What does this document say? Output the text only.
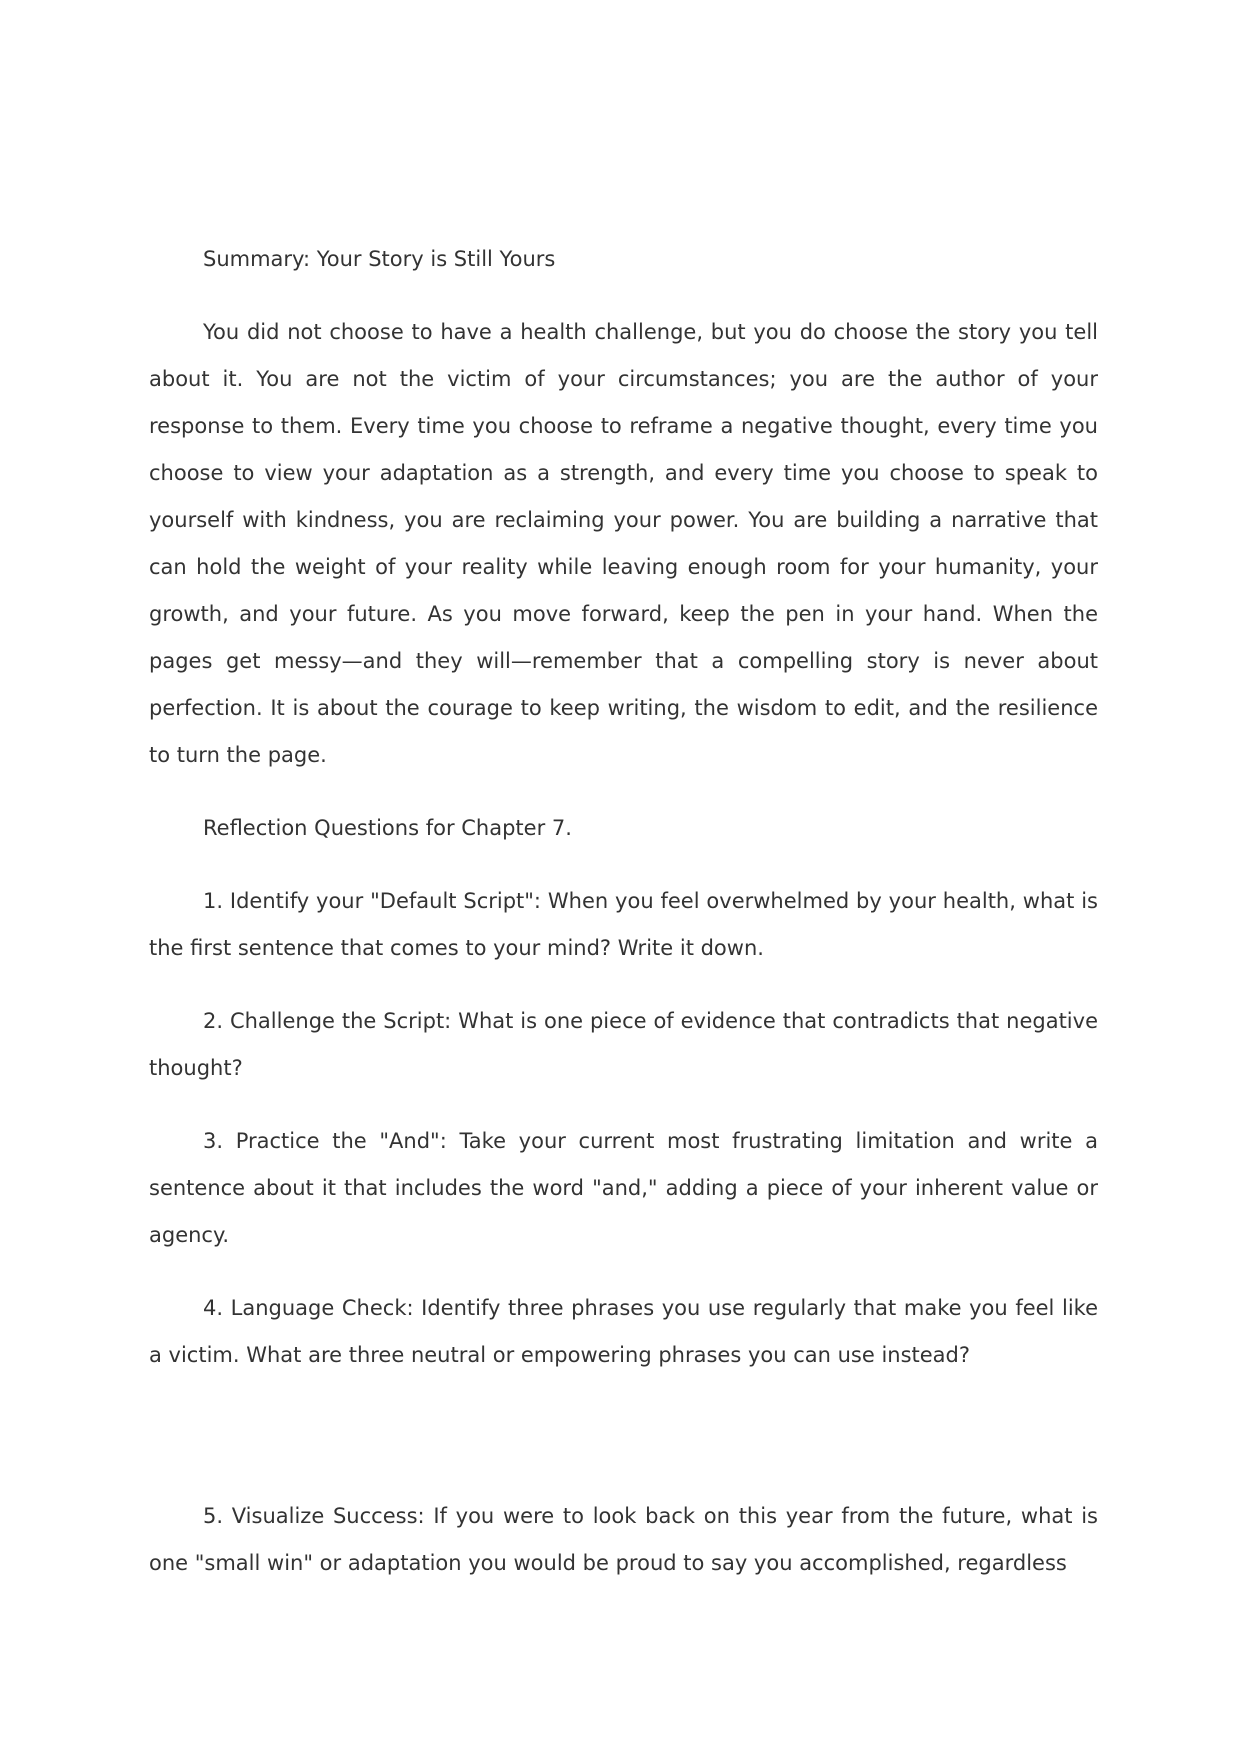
Summary: Your Story is Still Yours

You did not choose to have a health challenge, but you do choose the story you tell about it. You are not the victim of your circumstances; you are the author of your response to them. Every time you choose to reframe a negative thought, every time you choose to view your adaptation as a strength, and every time you choose to speak to yourself with kindness, you are reclaiming your power. You are building a narrative that can hold the weight of your reality while leaving enough room for your humanity, your growth, and your future. As you move forward, keep the pen in your hand. When the pages get messy—and they will—remember that a compelling story is never about perfection. It is about the courage to keep writing, the wisdom to edit, and the resilience to turn the page.

Reflection Questions for Chapter 7.

1. Identify your "Default Script": When you feel overwhelmed by your health, what is the first sentence that comes to your mind? Write it down.

2. Challenge the Script: What is one piece of evidence that contradicts that negative thought?

3. Practice the "And": Take your current most frustrating limitation and write a sentence about it that includes the word "and," adding a piece of your inherent value or agency.

4. Language Check: Identify three phrases you use regularly that make you feel like a victim. What are three neutral or empowering phrases you can use instead?

5. Visualize Success: If you were to look back on this year from the future, what is one "small win" or adaptation you would be proud to say you accomplished, regardless
